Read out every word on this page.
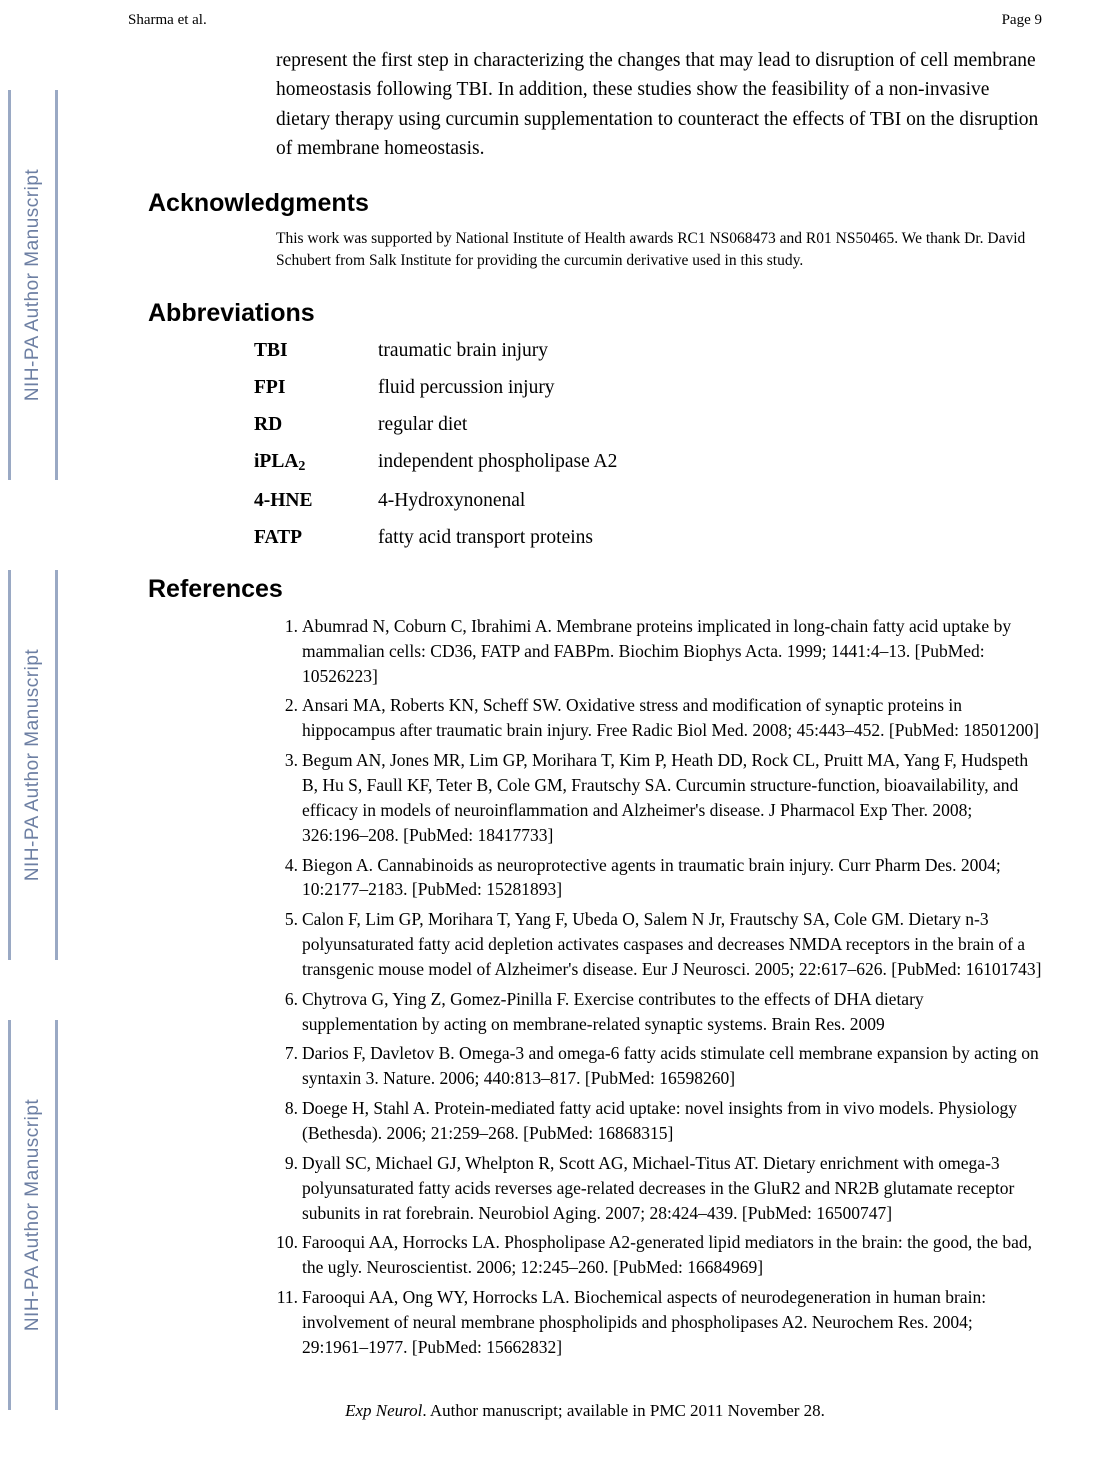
NIH-PA Author Manuscript
NIH-PA Author Manuscript
NIH-PA Author Manuscript
Sharma et al.	Page 9

represent the first step in characterizing the changes that may lead to disruption of cell membrane homeostasis following TBI. In addition, these studies show the feasibility of a non-invasive dietary therapy using curcumin supplementation to counteract the effects of TBI on the disruption of membrane homeostasis.

Acknowledgments

This work was supported by National Institute of Health awards RC1 NS068473 and R01 NS50465. We thank Dr. David Schubert from Salk Institute for providing the curcumin derivative used in this study.

Abbreviations
TBI	traumatic brain injury
FPI	fluid percussion injury
RD	regular diet
iPLA$_2$	independent phospholipase A2
4-HNE	4-Hydroxynonenal
FATP	fatty acid transport proteins
References
1. Abumrad N, Coburn C, Ibrahimi A. Membrane proteins implicated in long-chain fatty acid uptake by mammalian cells: CD36, FATP and FABPm. Biochim Biophys Acta. 1999; 1441:4–13. [PubMed: 10526223]
2. Ansari MA, Roberts KN, Scheff SW. Oxidative stress and modification of synaptic proteins in hippocampus after traumatic brain injury. Free Radic Biol Med. 2008; 45:443–452. [PubMed: 18501200]
3. Begum AN, Jones MR, Lim GP, Morihara T, Kim P, Heath DD, Rock CL, Pruitt MA, Yang F, Hudspeth B, Hu S, Faull KF, Teter B, Cole GM, Frautschy SA. Curcumin structure-function, bioavailability, and efficacy in models of neuroinflammation and Alzheimer's disease. J Pharmacol Exp Ther. 2008; 326:196–208. [PubMed: 18417733]
4. Biegon A. Cannabinoids as neuroprotective agents in traumatic brain injury. Curr Pharm Des. 2004; 10:2177–2183. [PubMed: 15281893]
5. Calon F, Lim GP, Morihara T, Yang F, Ubeda O, Salem N Jr, Frautschy SA, Cole GM. Dietary n-3 polyunsaturated fatty acid depletion activates caspases and decreases NMDA receptors in the brain of a transgenic mouse model of Alzheimer's disease. Eur J Neurosci. 2005; 22:617–626. [PubMed: 16101743]
6. Chytrova G, Ying Z, Gomez-Pinilla F. Exercise contributes to the effects of DHA dietary supplementation by acting on membrane-related synaptic systems. Brain Res. 2009
7. Darios F, Davletov B. Omega-3 and omega-6 fatty acids stimulate cell membrane expansion by acting on syntaxin 3. Nature. 2006; 440:813–817. [PubMed: 16598260]
8. Doege H, Stahl A. Protein-mediated fatty acid uptake: novel insights from in vivo models. Physiology (Bethesda). 2006; 21:259–268. [PubMed: 16868315]
9. Dyall SC, Michael GJ, Whelpton R, Scott AG, Michael-Titus AT. Dietary enrichment with omega-3 polyunsaturated fatty acids reverses age-related decreases in the GluR2 and NR2B glutamate receptor subunits in rat forebrain. Neurobiol Aging. 2007; 28:424–439. [PubMed: 16500747]
10. Farooqui AA, Horrocks LA. Phospholipase A2-generated lipid mediators in the brain: the good, the bad, the ugly. Neuroscientist. 2006; 12:245–260. [PubMed: 16684969]
11. Farooqui AA, Ong WY, Horrocks LA. Biochemical aspects of neurodegeneration in human brain: involvement of neural membrane phospholipids and phospholipases A2. Neurochem Res. 2004; 29:1961–1977. [PubMed: 15662832]
Exp Neurol. Author manuscript; available in PMC 2011 November 28.
